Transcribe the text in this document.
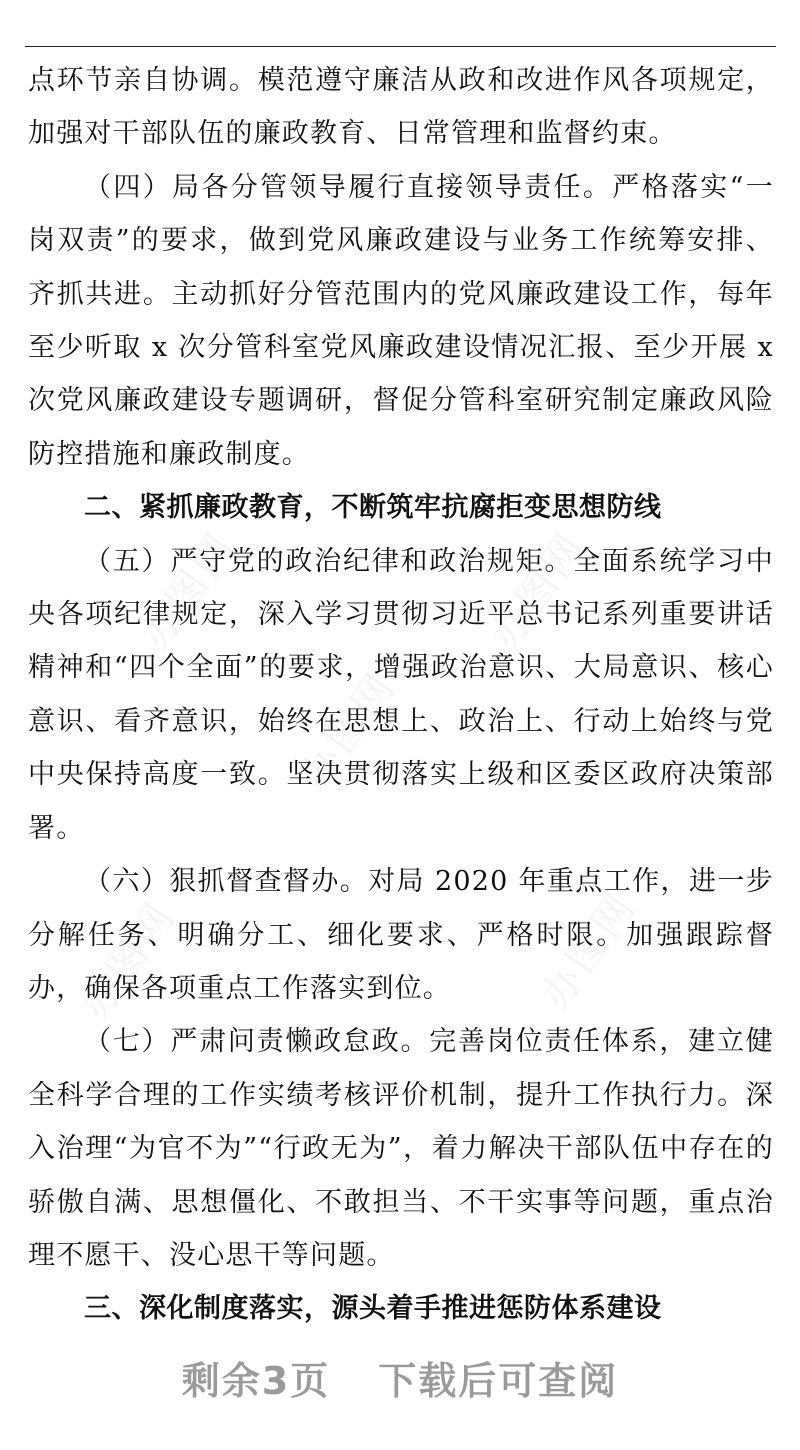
办图网	办图网
办图网
办图网	办图网

点环节亲自协调。模范遵守廉洁从政和改进作风各项规定，加强对干部队伍的廉政教育、日常管理和监督约束。

（四）局各分管领导履行直接领导责任。严格落实“一岗双责”的要求，做到党风廉政建设与业务工作统筹安排、齐抓共进。主动抓好分管范围内的党风廉政建设工作，每年至少听取 x 次分管科室党风廉政建设情况汇报、至少开展 x 次党风廉政建设专题调研，督促分管科室研究制定廉政风险防控措施和廉政制度。

二、紧抓廉政教育，不断筑牢抗腐拒变思想防线

（五）严守党的政治纪律和政治规矩。全面系统学习中央各项纪律规定，深入学习贯彻习近平总书记系列重要讲话精神和“四个全面”的要求，增强政治意识、大局意识、核心意识、看齐意识，始终在思想上、政治上、行动上始终与党中央保持高度一致。坚决贯彻落实上级和区委区政府决策部署。

（六）狠抓督查督办。对局 2020 年重点工作，进一步分解任务、明确分工、细化要求、严格时限。加强跟踪督办，确保各项重点工作落实到位。

（七）严肃问责懒政怠政。完善岗位责任体系，建立健全科学合理的工作实绩考核评价机制，提升工作执行力。深入治理“为官不为”“行政无为”，着力解决干部队伍中存在的骄傲自满、思想僵化、不敢担当、不干实事等问题，重点治理不愿干、没心思干等问题。

三、深化制度落实，源头着手推进惩防体系建设

剩余3页 下载后可查阅
